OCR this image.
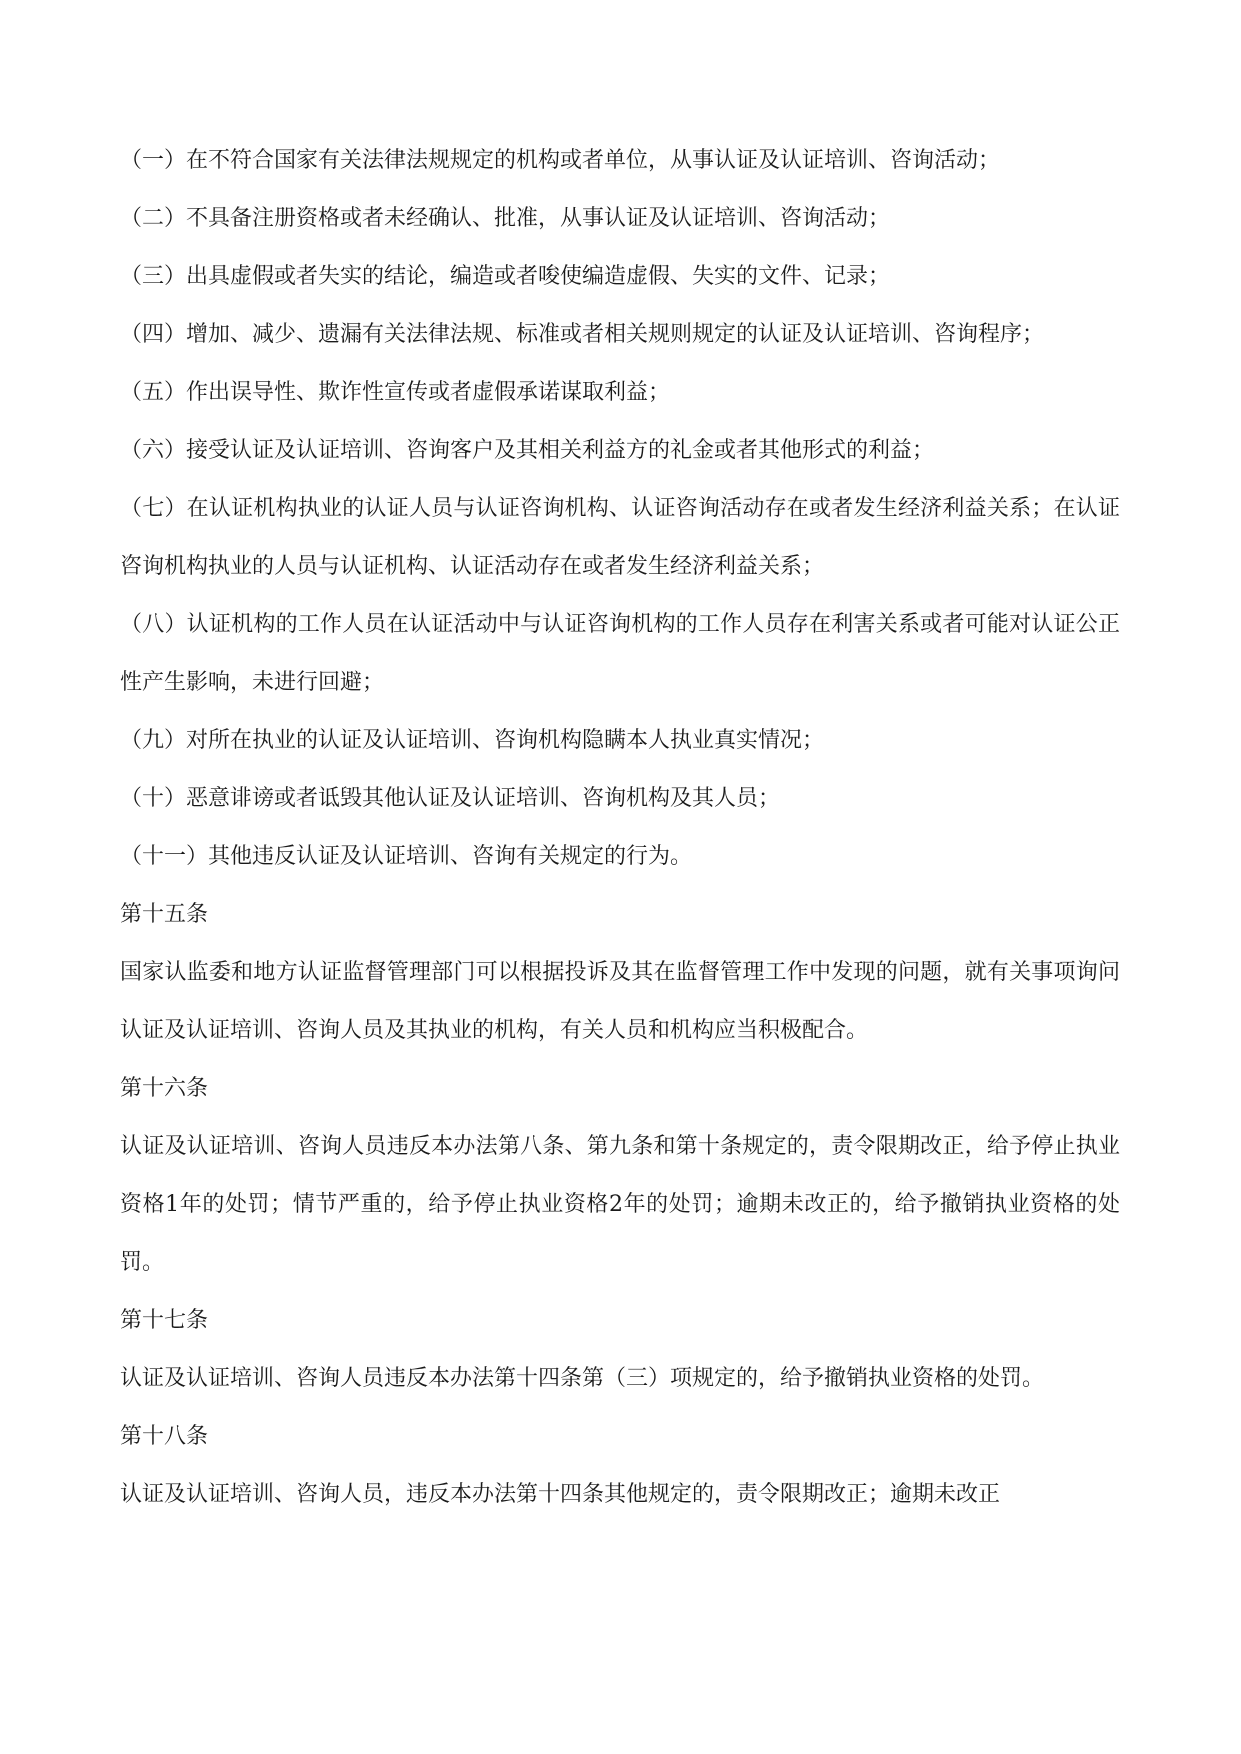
（一）在不符合国家有关法律法规规定的机构或者单位，从事认证及认证培训、咨询活动；

（二）不具备注册资格或者未经确认、批准，从事认证及认证培训、咨询活动；

（三）出具虚假或者失实的结论，编造或者唆使编造虚假、失实的文件、记录；

（四）增加、减少、遗漏有关法律法规、标准或者相关规则规定的认证及认证培训、咨询程序；

（五）作出误导性、欺诈性宣传或者虚假承诺谋取利益；

（六）接受认证及认证培训、咨询客户及其相关利益方的礼金或者其他形式的利益；

（七）在认证机构执业的认证人员与认证咨询机构、认证咨询活动存在或者发生经济利益关系；在认证咨询机构执业的人员与认证机构、认证活动存在或者发生经济利益关系；

（八）认证机构的工作人员在认证活动中与认证咨询机构的工作人员存在利害关系或者可能对认证公正性产生影响，未进行回避；

（九）对所在执业的认证及认证培训、咨询机构隐瞒本人执业真实情况；

（十）恶意诽谤或者诋毁其他认证及认证培训、咨询机构及其人员；

（十一）其他违反认证及认证培训、咨询有关规定的行为。

第十五条

国家认监委和地方认证监督管理部门可以根据投诉及其在监督管理工作中发现的问题，就有关事项询问认证及认证培训、咨询人员及其执业的机构，有关人员和机构应当积极配合。

第十六条

认证及认证培训、咨询人员违反本办法第八条、第九条和第十条规定的，责令限期改正，给予停止执业资格1年的处罚；情节严重的，给予停止执业资格2年的处罚；逾期未改正的，给予撤销执业资格的处罚。

第十七条

认证及认证培训、咨询人员违反本办法第十四条第（三）项规定的，给予撤销执业资格的处罚。

第十八条

认证及认证培训、咨询人员，违反本办法第十四条其他规定的，责令限期改正；逾期未改正
